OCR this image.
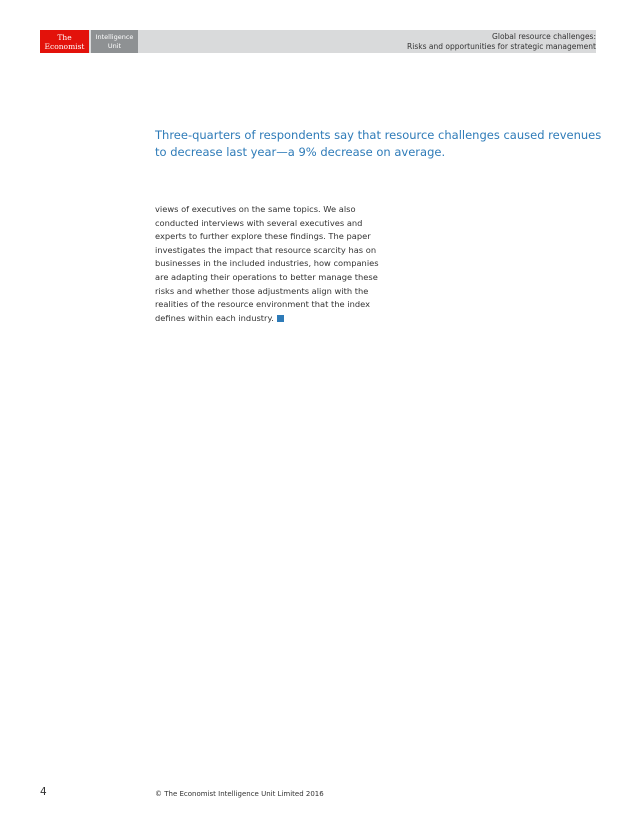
The
Economist
Intelligence
Unit
Global resource challenges:
Risks and opportunities for strategic management

Three-quarters of respondents say that resource challenges caused revenues to decrease last year—a 9% decrease on average.

views of executives on the same topics. We also conducted interviews with several executives and experts to further explore these findings. The paper investigates the impact that resource scarcity has on businesses in the included industries, how companies are adapting their operations to better manage these risks and whether those adjustments align with the realities of the resource environment that the index defines within each industry.

4	© The Economist Intelligence Unit Limited 2016
